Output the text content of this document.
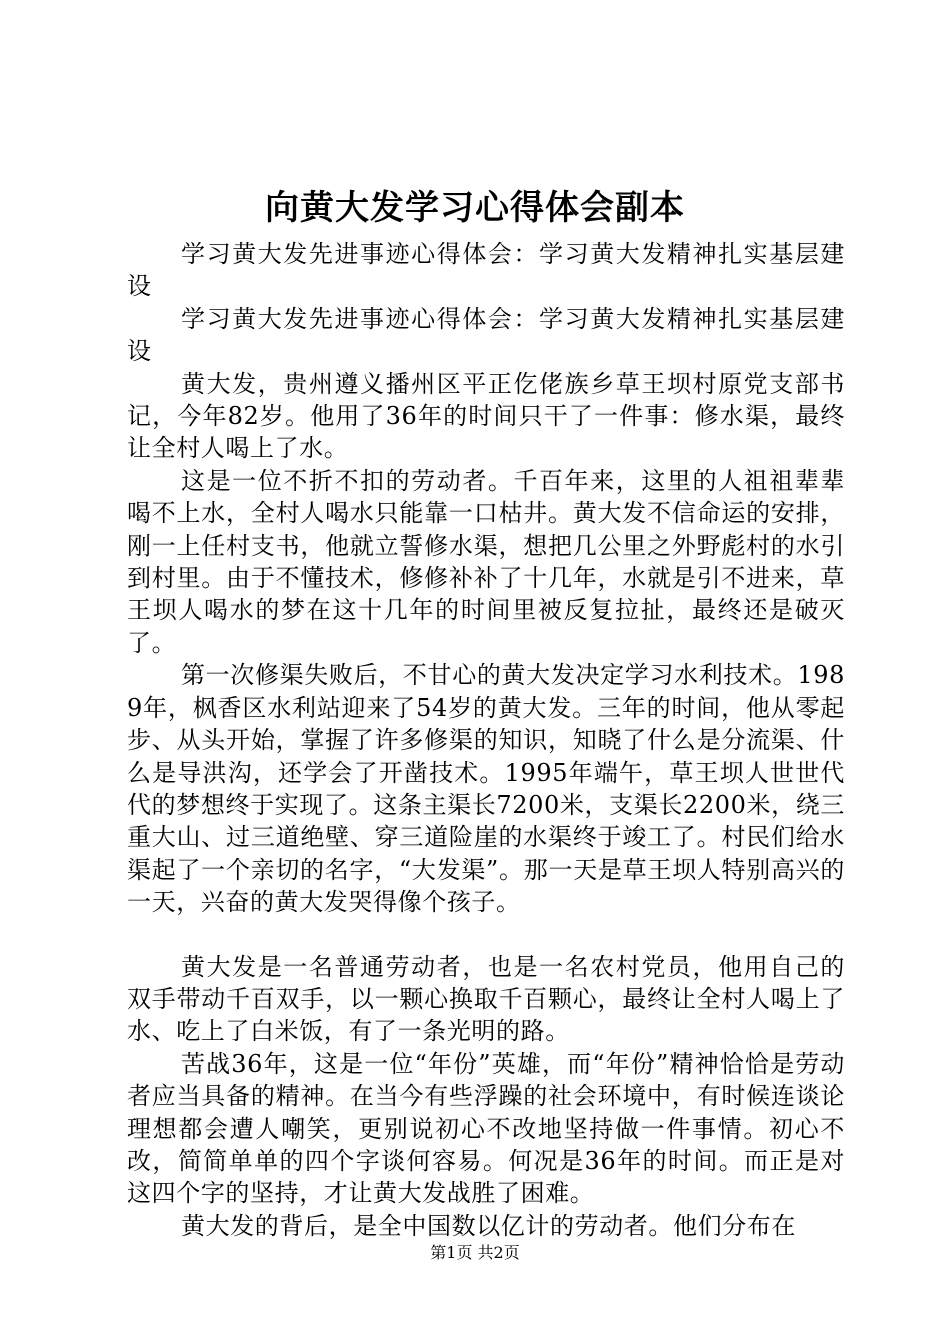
向黄大发学习心得体会副本

学习黄大发先进事迹心得体会：学习黄大发精神扎实基层建设

学习黄大发先进事迹心得体会：学习黄大发精神扎实基层建设

黄大发，贵州遵义播州区平正仡佬族乡草王坝村原党支部书记，今年82岁。他用了36年的时间只干了一件事：修水渠，最终让全村人喝上了水。

这是一位不折不扣的劳动者。千百年来，这里的人祖祖辈辈喝不上水，全村人喝水只能靠一口枯井。黄大发不信命运的安排，刚一上任村支书，他就立誓修水渠，想把几公里之外野彪村的水引到村里。由于不懂技术，修修补补了十几年，水就是引不进来，草王坝人喝水的梦在这十几年的时间里被反复拉扯，最终还是破灭了。

第一次修渠失败后，不甘心的黄大发决定学习水利技术。1989年，枫香区水利站迎来了54岁的黄大发。三年的时间，他从零起步、从头开始，掌握了许多修渠的知识，知晓了什么是分流渠、什么是导洪沟，还学会了开凿技术。1995年端午，草王坝人世世代代的梦想终于实现了。这条主渠长7200米，支渠长2200米，绕三重大山、过三道绝壁、穿三道险崖的水渠终于竣工了。村民们给水渠起了一个亲切的名字，“大发渠”。那一天是草王坝人特别高兴的一天，兴奋的黄大发哭得像个孩子。

黄大发是一名普通劳动者，也是一名农村党员，他用自己的双手带动千百双手，以一颗心换取千百颗心，最终让全村人喝上了水、吃上了白米饭，有了一条光明的路。

苦战36年，这是一位“年份”英雄，而“年份”精神恰恰是劳动者应当具备的精神。在当今有些浮躁的社会环境中，有时候连谈论理想都会遭人嘲笑，更别说初心不改地坚持做一件事情。初心不改，简简单单的四个字谈何容易。何况是36年的时间。而正是对这四个字的坚持，才让黄大发战胜了困难。

黄大发的背后，是全中国数以亿计的劳动者。他们分布在

第1页 共2页
